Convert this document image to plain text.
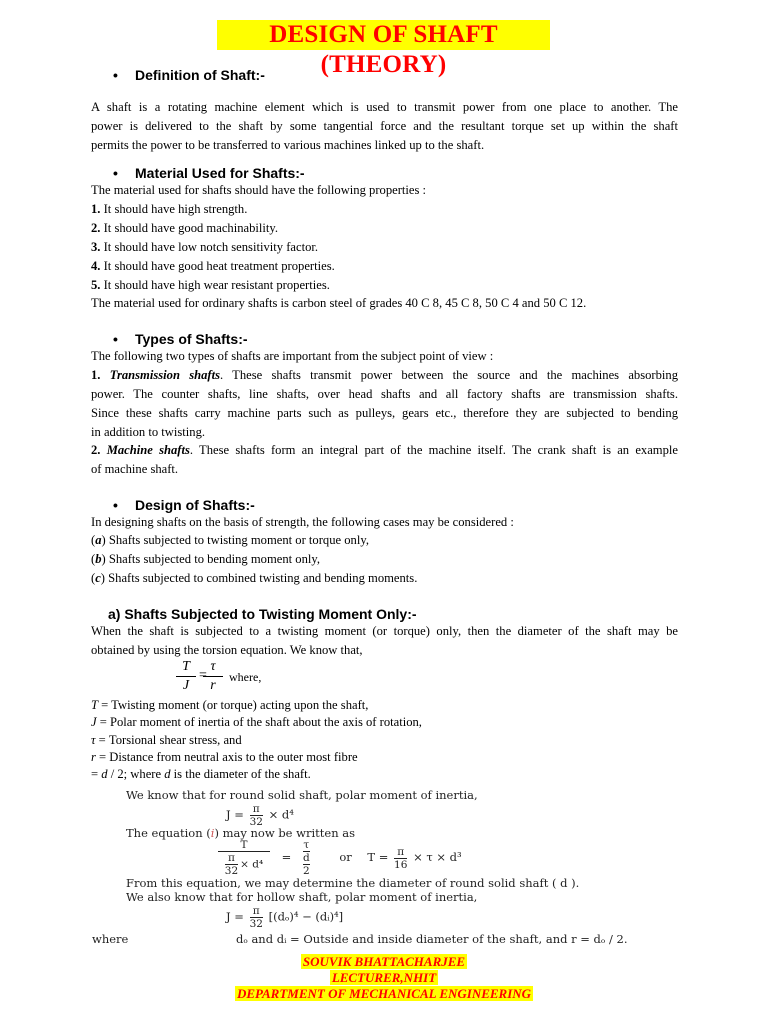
DESIGN OF SHAFT (THEORY)
• Definition of Shaft:-
A shaft is a rotating machine element which is used to transmit power from one place to another. The
power is delivered to the shaft by some tangential force and the resultant torque set up within the shaft
permits the power to be transferred to various machines linked up to the shaft.
• Material Used for Shafts:-
The material used for shafts should have the following properties :
1. It should have high strength.
2. It should have good machinability.
3. It should have low notch sensitivity factor.
4. It should have good heat treatment properties.
5. It should have high wear resistant properties.
The material used for ordinary shafts is carbon steel of grades 40 C 8, 45 C 8, 50 C 4 and 50 C 12.
• Types of Shafts:-
The following two types of shafts are important from the subject point of view :
1. Transmission shafts. These shafts transmit power between the source and the machines absorbing
power. The counter shafts, line shafts, over head shafts and all factory shafts are transmission shafts.
Since these shafts carry machine parts such as pulleys, gears etc., therefore they are subjected to bending
in addition to twisting.
2. Machine shafts. These shafts form an integral part of the machine itself. The crank shaft is an example
of machine shaft.
• Design of Shafts:-
In designing shafts on the basis of strength, the following cases may be considered :
(a) Shafts subjected to twisting moment or torque only,
(b) Shafts subjected to bending moment only,
(c) Shafts subjected to combined twisting and bending moments.
a) Shafts Subjected to Twisting Moment Only:-
When the shaft is subjected to a twisting moment (or torque) only, then the diameter of the shaft may be
obtained by using the torsion equation. We know that,
T
J
=
τ
r
where,
T = Twisting moment (or torque) acting upon the shaft,
J = Polar moment of inertia of the shaft about the axis of rotation,
τ = Torsional shear stress, and
r = Distance from neutral axis to the outer most fibre
= d / 2; where d is the diameter of the shaft.
We know that for round solid shaft, polar moment of inertia,
$J = \frac{\pi}{32} \times d^4$
The equation (i) may now be written as
$\frac{T}{\frac{\pi}{32} \times d^4} = \tau$
d
2	or $T = \frac{\pi}{16} \times \tau \times d^3$
From this equation, we may determine the diameter of round solid shaft ( d ).
We also know that for hollow shaft, polar moment of inertia,
$J = \frac{\pi}{32} [(d_o)^4$ − (dᵢ)⁴]
where	dₒ and dᵢ = Outside and inside diameter of the shaft, and r = dₒ / 2.
SOUVIK BHATTACHARJEE
LECTURER,NHIT
DEPARTMENT OF MECHANICAL ENGINEERING
